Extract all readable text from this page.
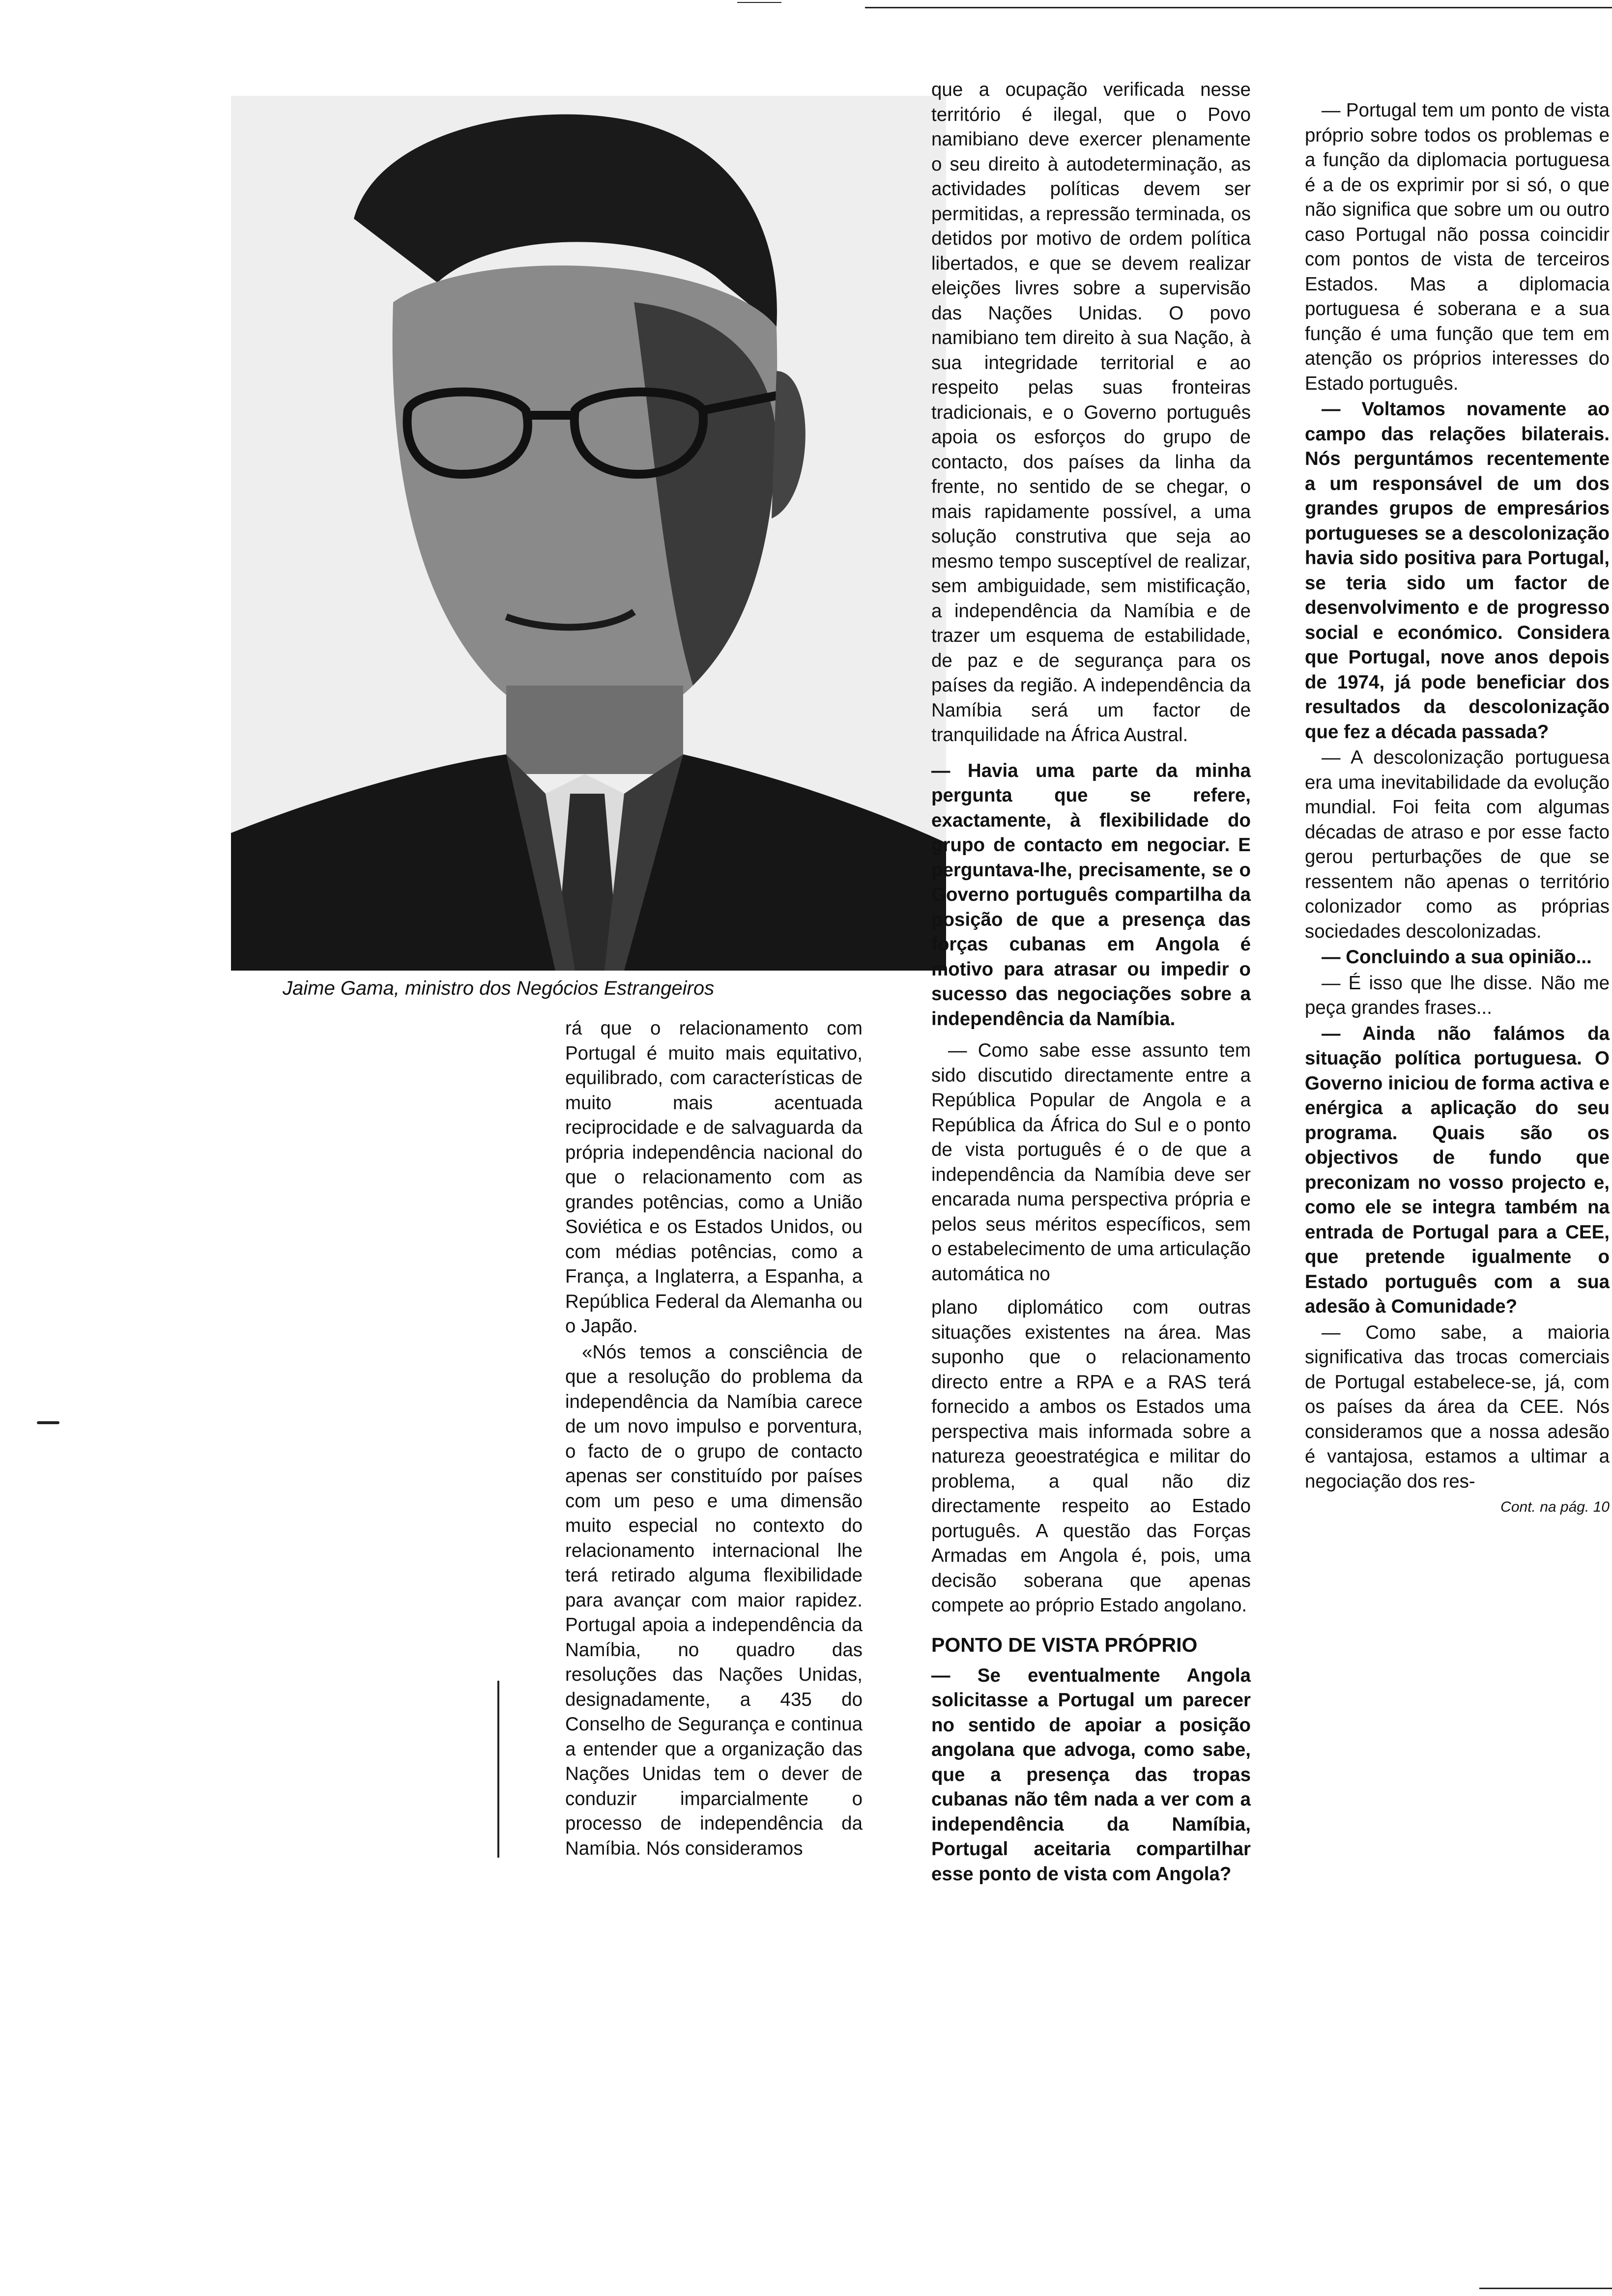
Jaime Gama, ministro dos Negócios Estrangeiros

rá que o relacionamento com Portugal é muito mais equitativo, equilibrado, com características de muito mais acentuada reciprocidade e de salvaguarda da própria independência nacional do que o relacionamento com as grandes potências, como a União Soviética e os Estados Unidos, ou com médias potências, como a França, a Inglaterra, a Espanha, a República Federal da Alemanha ou o Japão.

«Nós temos a consciência de que a resolução do problema da independência da Namíbia carece de um novo impulso e porventura, o facto de o grupo de contacto apenas ser constituído por países com um peso e uma dimensão muito especial no contexto do relacionamento internacional lhe terá retirado alguma flexibilidade para avançar com maior rapidez. Portugal apoia a independência da Namíbia, no quadro das resoluções das Nações Unidas, designadamente, a 435 do Conselho de Segurança e continua a entender que a organização das Nações Unidas tem o dever de conduzir imparcialmente o processo de independência da Namíbia. Nós consideramos

que a ocupação verificada nesse território é ilegal, que o Povo namibiano deve exercer plenamente o seu direito à autodeterminação, as actividades políticas devem ser permitidas, a repressão terminada, os detidos por motivo de ordem política libertados, e que se devem realizar eleições livres sobre a supervisão das Nações Unidas. O povo namibiano tem direito à sua Nação, à sua integridade territorial e ao respeito pelas suas fronteiras tradicionais, e o Governo português apoia os esforços do grupo de contacto, dos países da linha da frente, no sentido de se chegar, o mais rapidamente possível, a uma solução construtiva que seja ao mesmo tempo susceptível de realizar, sem ambiguidade, sem mistificação, a independência da Namíbia e de trazer um esquema de estabilidade, de paz e de segurança para os países da região. A independência da Namíbia será um factor de tranquilidade na África Austral.

— Havia uma parte da minha pergunta que se refere, exactamente, à flexibilidade do grupo de contacto em negociar. E perguntava-lhe, precisamente, se o Governo português compartilha da posição de que a presença das forças cubanas em Angola é motivo para atrasar ou impedir o sucesso das negociações sobre a independência da Namíbia.

— Como sabe esse assunto tem sido discutido directamente entre a República Popular de Angola e a República da África do Sul e o ponto de vista português é o de que a independência da Namíbia deve ser encarada numa perspectiva própria e pelos seus méritos específicos, sem o estabelecimento de uma articulação automática no

plano diplomático com outras situações existentes na área. Mas suponho que o relacionamento directo entre a RPA e a RAS terá fornecido a ambos os Estados uma perspectiva mais informada sobre a natureza geoestratégica e militar do problema, a qual não diz directamente respeito ao Estado português. A questão das Forças Armadas em Angola é, pois, uma decisão soberana que apenas compete ao próprio Estado angolano.

PONTO DE VISTA PRÓPRIO

— Se eventualmente Angola solicitasse a Portugal um parecer no sentido de apoiar a posição angolana que advoga, como sabe, que a presença das tropas cubanas não têm nada a ver com a independência da Namíbia, Portugal aceitaria compartilhar esse ponto de vista com Angola?

— Portugal tem um ponto de vista próprio sobre todos os problemas e a função da diplomacia portuguesa é a de os exprimir por si só, o que não significa que sobre um ou outro caso Portugal não possa coincidir com pontos de vista de terceiros Estados. Mas a diplomacia portuguesa é soberana e a sua função é uma função que tem em atenção os próprios interesses do Estado português.

— Voltamos novamente ao campo das relações bilaterais. Nós perguntámos recentemente a um responsável de um dos grandes grupos de empresários portugueses se a descolonização havia sido positiva para Portugal, se teria sido um factor de desenvolvimento e de progresso social e económico. Considera que Portugal, nove anos depois de 1974, já pode beneficiar dos resultados da descolonização que fez a década passada?

— A descolonização portuguesa era uma inevitabilidade da evolução mundial. Foi feita com algumas décadas de atraso e por esse facto gerou perturbações de que se ressentem não apenas o território colonizador como as próprias sociedades descolonizadas.

— Concluindo a sua opinião...

— É isso que lhe disse. Não me peça grandes frases...

— Ainda não falámos da situação política portuguesa. O Governo iniciou de forma activa e enérgica a aplicação do seu programa. Quais são os objectivos de fundo que preconizam no vosso projecto e, como ele se integra também na entrada de Portugal para a CEE, que pretende igualmente o Estado português com a sua adesão à Comunidade?

— Como sabe, a maioria significativa das trocas comerciais de Portugal estabelece-se, já, com os países da área da CEE. Nós consideramos que a nossa adesão é vantajosa, estamos a ultimar a negociação dos res-

Cont. na pág. 10
